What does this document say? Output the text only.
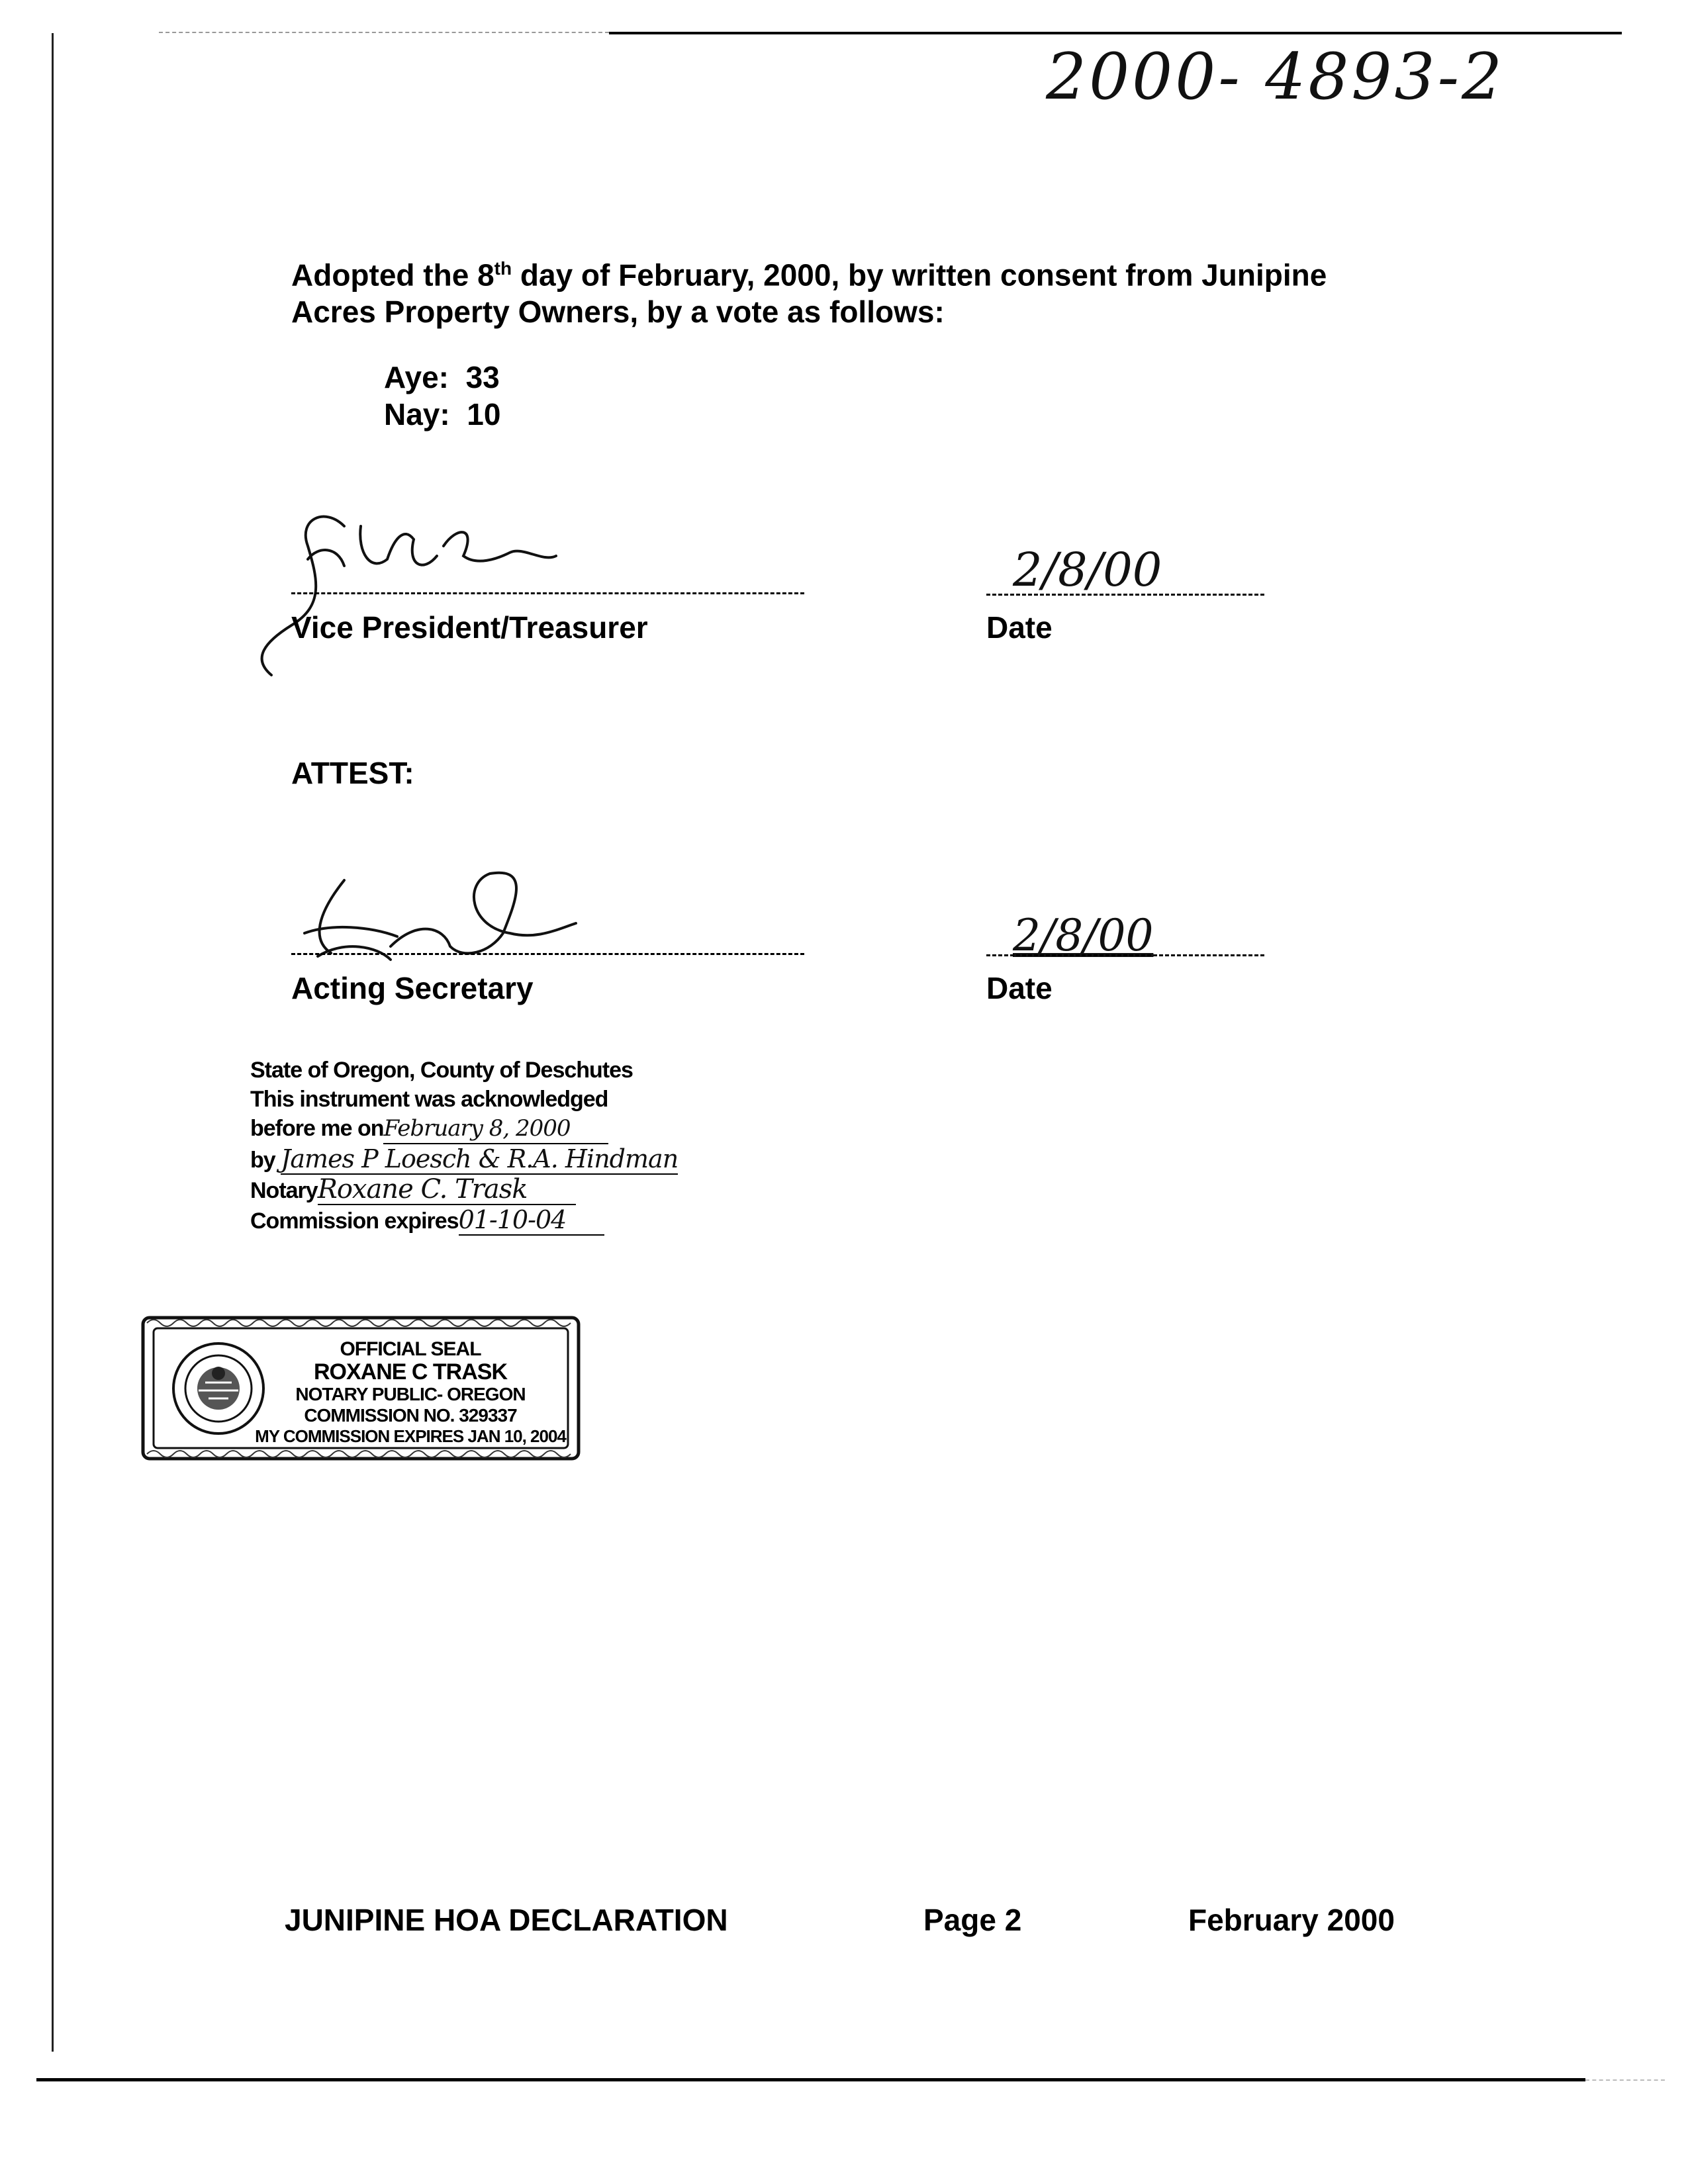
2000- 4893-2
Adopted the 8th day of February, 2000, by written consent from Junipine
Acres Property Owners, by a vote as follows:
Aye: 33
Nay: 10
Vice President/Treasurer
2/8/00
Date
ATTEST:
Acting Secretary
2/8/00
Date
State of Oregon, County of Deschutes
This instrument was acknowledged
before me onFebruary 8, 2000
by James P Loesch & R.A. Hindman
NotaryRoxane C. Trask
Commission expires01-10-04
OFFICIAL SEAL
ROXANE C TRASK
NOTARY PUBLIC- OREGON
COMMISSION NO. 329337
MY COMMISSION EXPIRES JAN 10, 2004
JUNIPINE HOA DECLARATION	Page 2	February 2000
